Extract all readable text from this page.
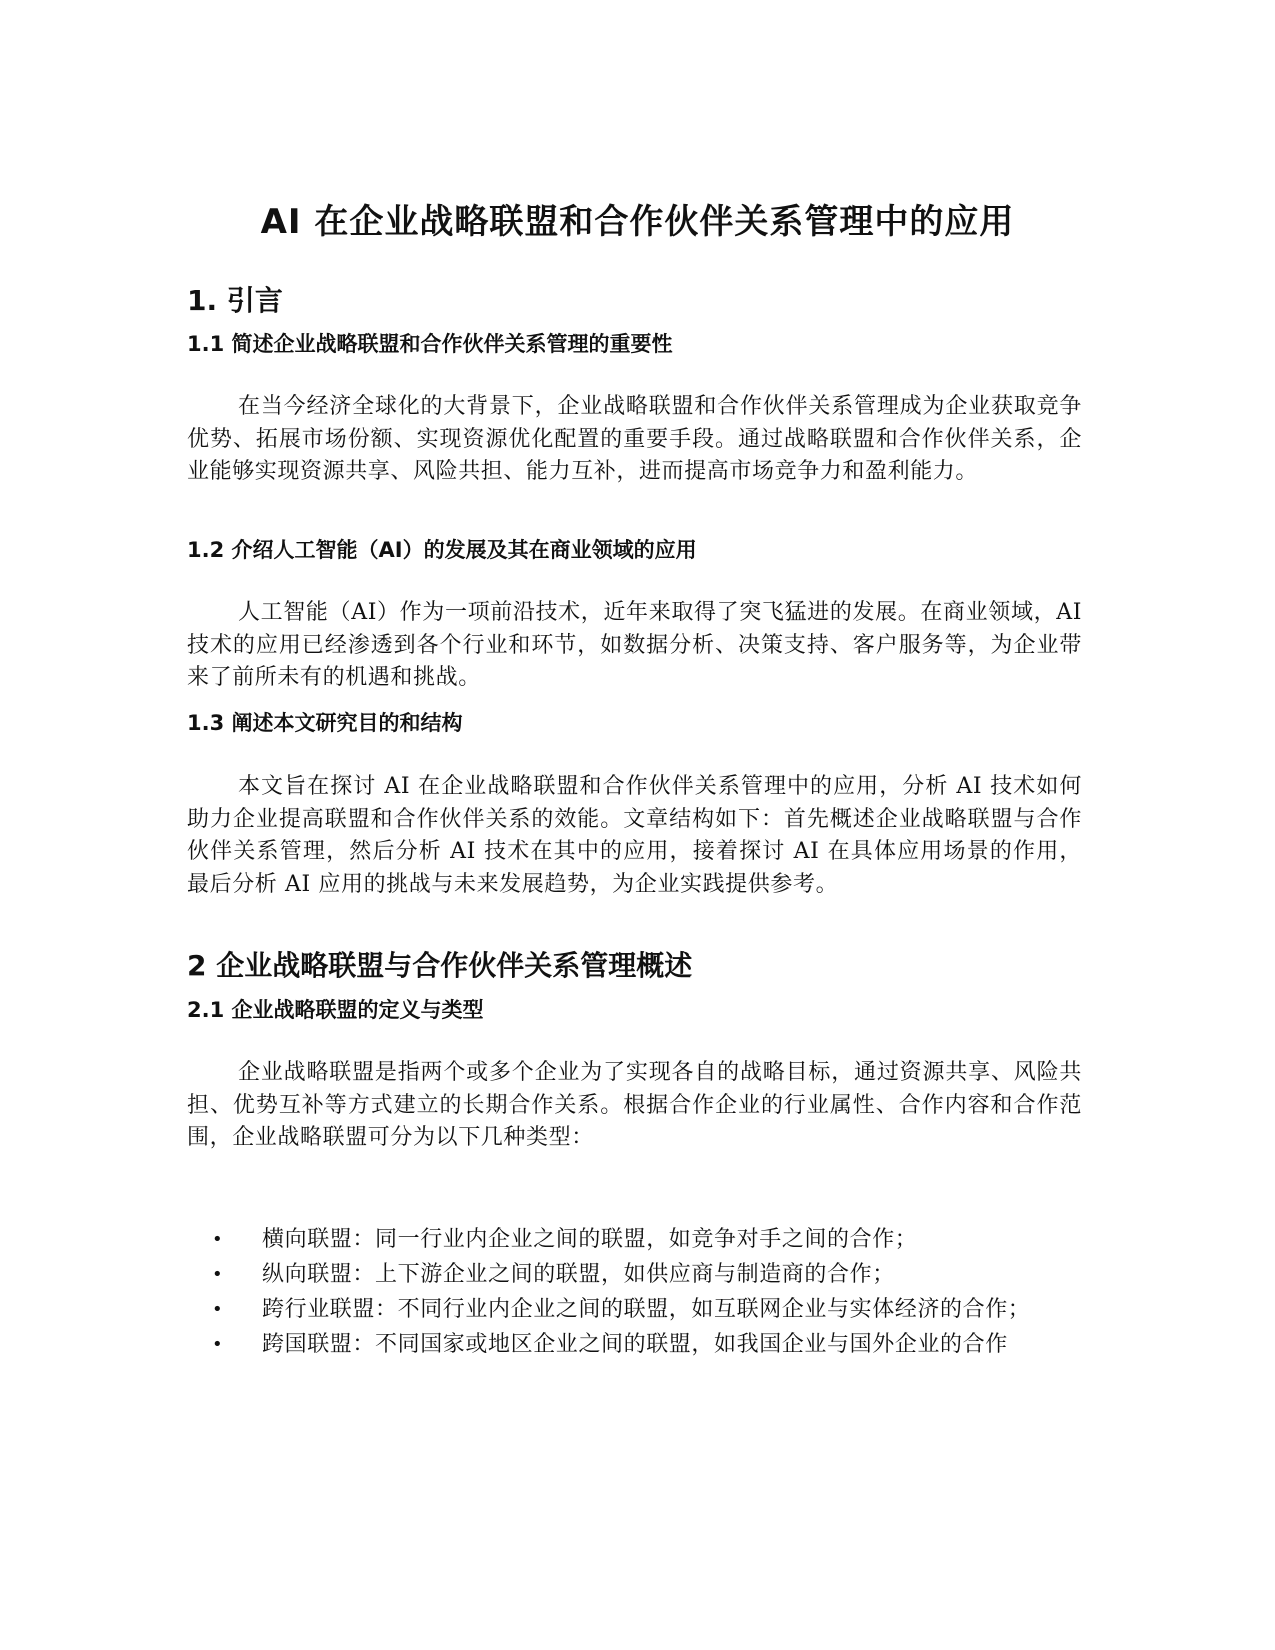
AI 在企业战略联盟和合作伙伴关系管理中的应用
1. 引言
1.1 简述企业战略联盟和合作伙伴关系管理的重要性

在当今经济全球化的大背景下，企业战略联盟和合作伙伴关系管理成为企业获取竞争优势、拓展市场份额、实现资源优化配置的重要手段。通过战略联盟和合作伙伴关系，企业能够实现资源共享、风险共担、能力互补，进而提高市场竞争力和盈利能力。

1.2 介绍人工智能（AI）的发展及其在商业领域的应用

人工智能（AI）作为一项前沿技术，近年来取得了突飞猛进的发展。在商业领域，AI 技术的应用已经渗透到各个行业和环节，如数据分析、决策支持、客户服务等，为企业带来了前所未有的机遇和挑战。

1.3 阐述本文研究目的和结构

本文旨在探讨 AI 在企业战略联盟和合作伙伴关系管理中的应用，分析 AI 技术如何助力企业提高联盟和合作伙伴关系的效能。文章结构如下：首先概述企业战略联盟与合作伙伴关系管理，然后分析 AI 技术在其中的应用，接着探讨 AI 在具体应用场景的作用，最后分析 AI 应用的挑战与未来发展趋势，为企业实践提供参考。

2 企业战略联盟与合作伙伴关系管理概述
2.1 企业战略联盟的定义与类型

企业战略联盟是指两个或多个企业为了实现各自的战略目标，通过资源共享、风险共担、优势互补等方式建立的长期合作关系。根据合作企业的行业属性、合作内容和合作范围，企业战略联盟可分为以下几种类型：

• 横向联盟：同一行业内企业之间的联盟，如竞争对手之间的合作；
• 纵向联盟：上下游企业之间的联盟，如供应商与制造商的合作；
• 跨行业联盟：不同行业内企业之间的联盟，如互联网企业与实体经济的合作；
• 跨国联盟：不同国家或地区企业之间的联盟，如我国企业与国外企业的合作
